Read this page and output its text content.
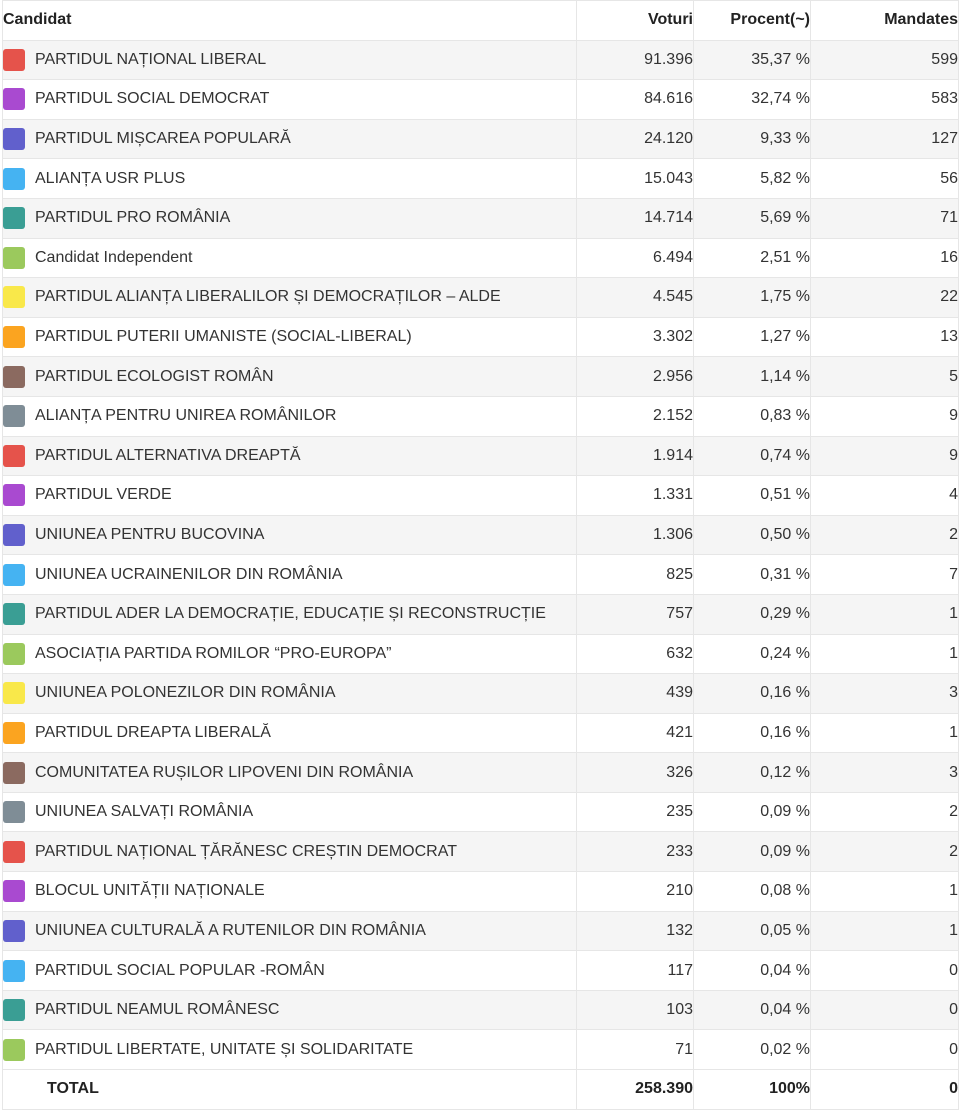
Candidat	Voturi	Procent(~)	Mandates
PARTIDUL NAȚIONAL LIBERAL	91.396	35,37 %	599
PARTIDUL SOCIAL DEMOCRAT	84.616	32,74 %	583
PARTIDUL MIȘCAREA POPULARĂ	24.120	9,33 %	127
ALIANȚA USR PLUS	15.043	5,82 %	56
PARTIDUL PRO ROMÂNIA	14.714	5,69 %	71
Candidat Independent	6.494	2,51 %	16
PARTIDUL ALIANȚA LIBERALILOR ȘI DEMOCRAȚILOR – ALDE	4.545	1,75 %	22
PARTIDUL PUTERII UMANISTE (SOCIAL-LIBERAL)	3.302	1,27 %	13
PARTIDUL ECOLOGIST ROMÂN	2.956	1,14 %	5
ALIANȚA PENTRU UNIREA ROMÂNILOR	2.152	0,83 %	9
PARTIDUL ALTERNATIVA DREAPTĂ	1.914	0,74 %	9
PARTIDUL VERDE	1.331	0,51 %	4
UNIUNEA PENTRU BUCOVINA	1.306	0,50 %	2
UNIUNEA UCRAINENILOR DIN ROMÂNIA	825	0,31 %	7
PARTIDUL ADER LA DEMOCRAȚIE, EDUCAȚIE ȘI RECONSTRUCȚIE	757	0,29 %	1
ASOCIAȚIA PARTIDA ROMILOR “PRO-EUROPA”	632	0,24 %	1
UNIUNEA POLONEZILOR DIN ROMÂNIA	439	0,16 %	3
PARTIDUL DREAPTA LIBERALĂ	421	0,16 %	1
COMUNITATEA RUȘILOR LIPOVENI DIN ROMÂNIA	326	0,12 %	3
UNIUNEA SALVAȚI ROMÂNIA	235	0,09 %	2
PARTIDUL NAȚIONAL ȚĂRĂNESC CREȘTIN DEMOCRAT	233	0,09 %	2
BLOCUL UNITĂȚII NAȚIONALE	210	0,08 %	1
UNIUNEA CULTURALĂ A RUTENILOR DIN ROMÂNIA	132	0,05 %	1
PARTIDUL SOCIAL POPULAR -ROMÂN	117	0,04 %	0
PARTIDUL NEAMUL ROMÂNESC	103	0,04 %	0
PARTIDUL LIBERTATE, UNITATE ȘI SOLIDARITATE	71	0,02 %	0
TOTAL	258.390	100%	0
